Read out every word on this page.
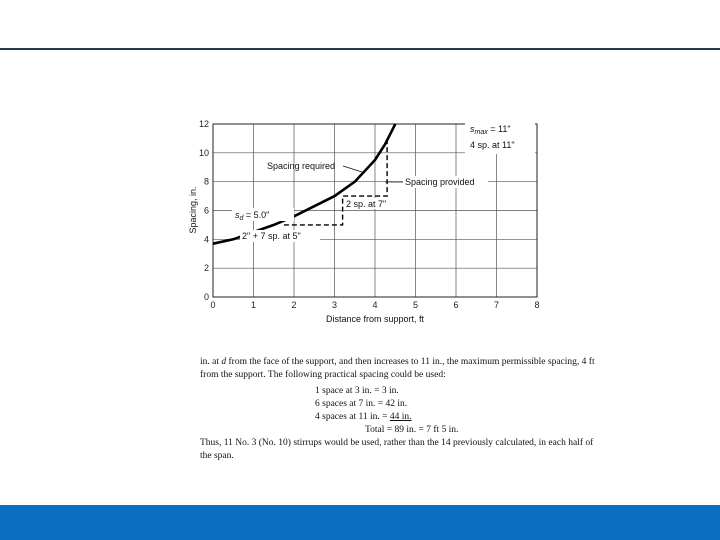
0	1	2	3	4	5	6	7	8
0
2
4
6
8
10
12
Distance from support, ft
Spacing, in.
$s_{max} = 11$"
4 sp. at 11"
Spacing required
Spacing provided
2 sp. at 7"
$s_d = 5.0$"
2" + 7 sp. at 5"

in. at d from the face of the support, and then increases to 11 in., the maximum permissible spacing, 4 ft from the support. The following practical spacing could be used:

1 space at 3 in. = 3 in.
6 spaces at 7 in. = 42 in.
4 spaces at 11 in. = 44 in.
Total = 89 in. = 7 ft 5 in.

Thus, 11 No. 3 (No. 10) stirrups would be used, rather than the 14 previously calculated, in each half of the span.
